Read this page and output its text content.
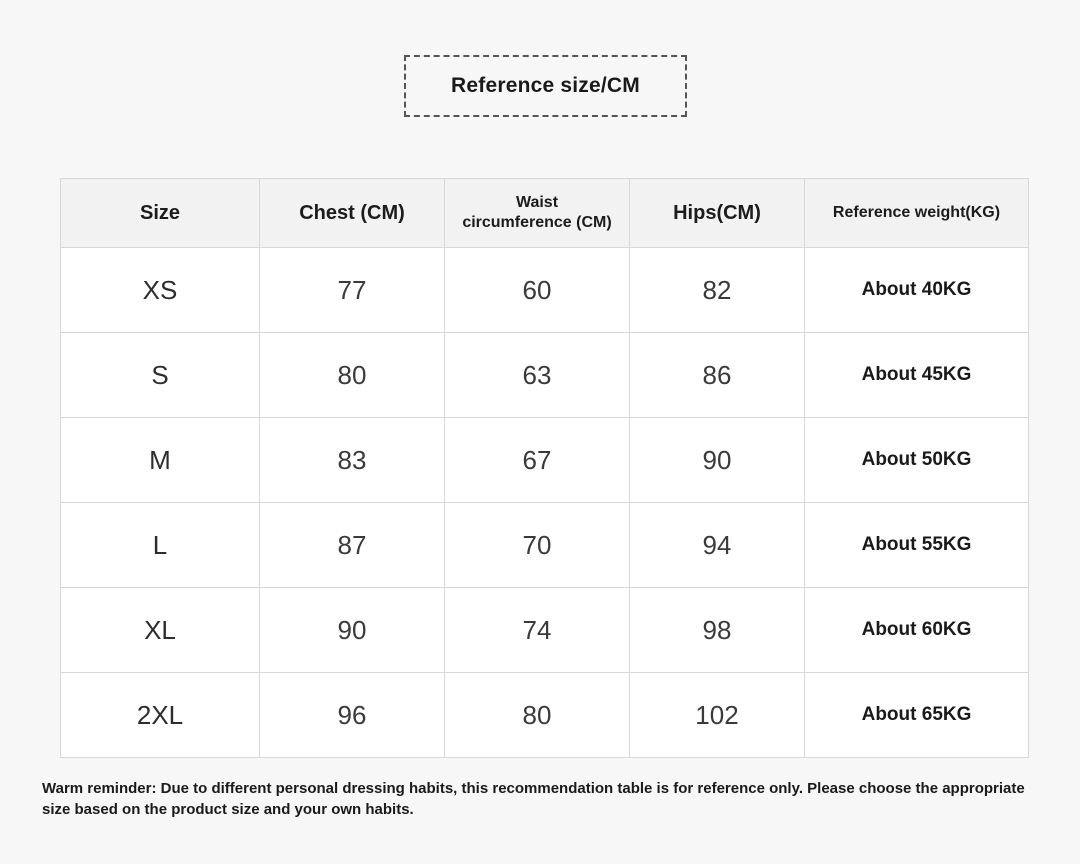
Reference size/CM
Size	Chest (CM)	Waist
circumference (CM)	Hips(CM)	Reference weight(KG)
XS	77	60	82	About 40KG
S	80	63	86	About 45KG
M	83	67	90	About 50KG
L	87	70	94	About 55KG
XL	90	74	98	About 60KG
2XL	96	80	102	About 65KG
Warm reminder: Due to different personal dressing habits, this recommendation table is for reference only. Please choose the appropriate size based on the product size and your own habits.
